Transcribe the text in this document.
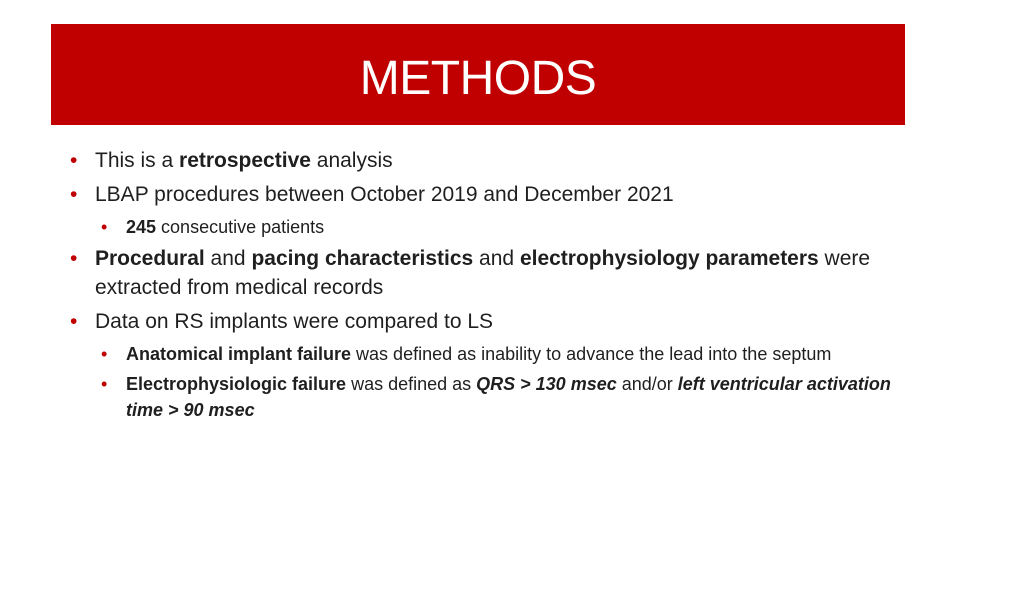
METHODS
• This is a retrospective analysis
• LBAP procedures between October 2019 and December 2021
• 245 consecutive patients
• Procedural and pacing characteristics and electrophysiology parameters were extracted from medical records
• Data on RS implants were compared to LS
• Anatomical implant failure was defined as inability to advance the lead into the septum
• Electrophysiologic failure was defined as QRS > 130 msec and/or left ventricular activation time > 90 msec
